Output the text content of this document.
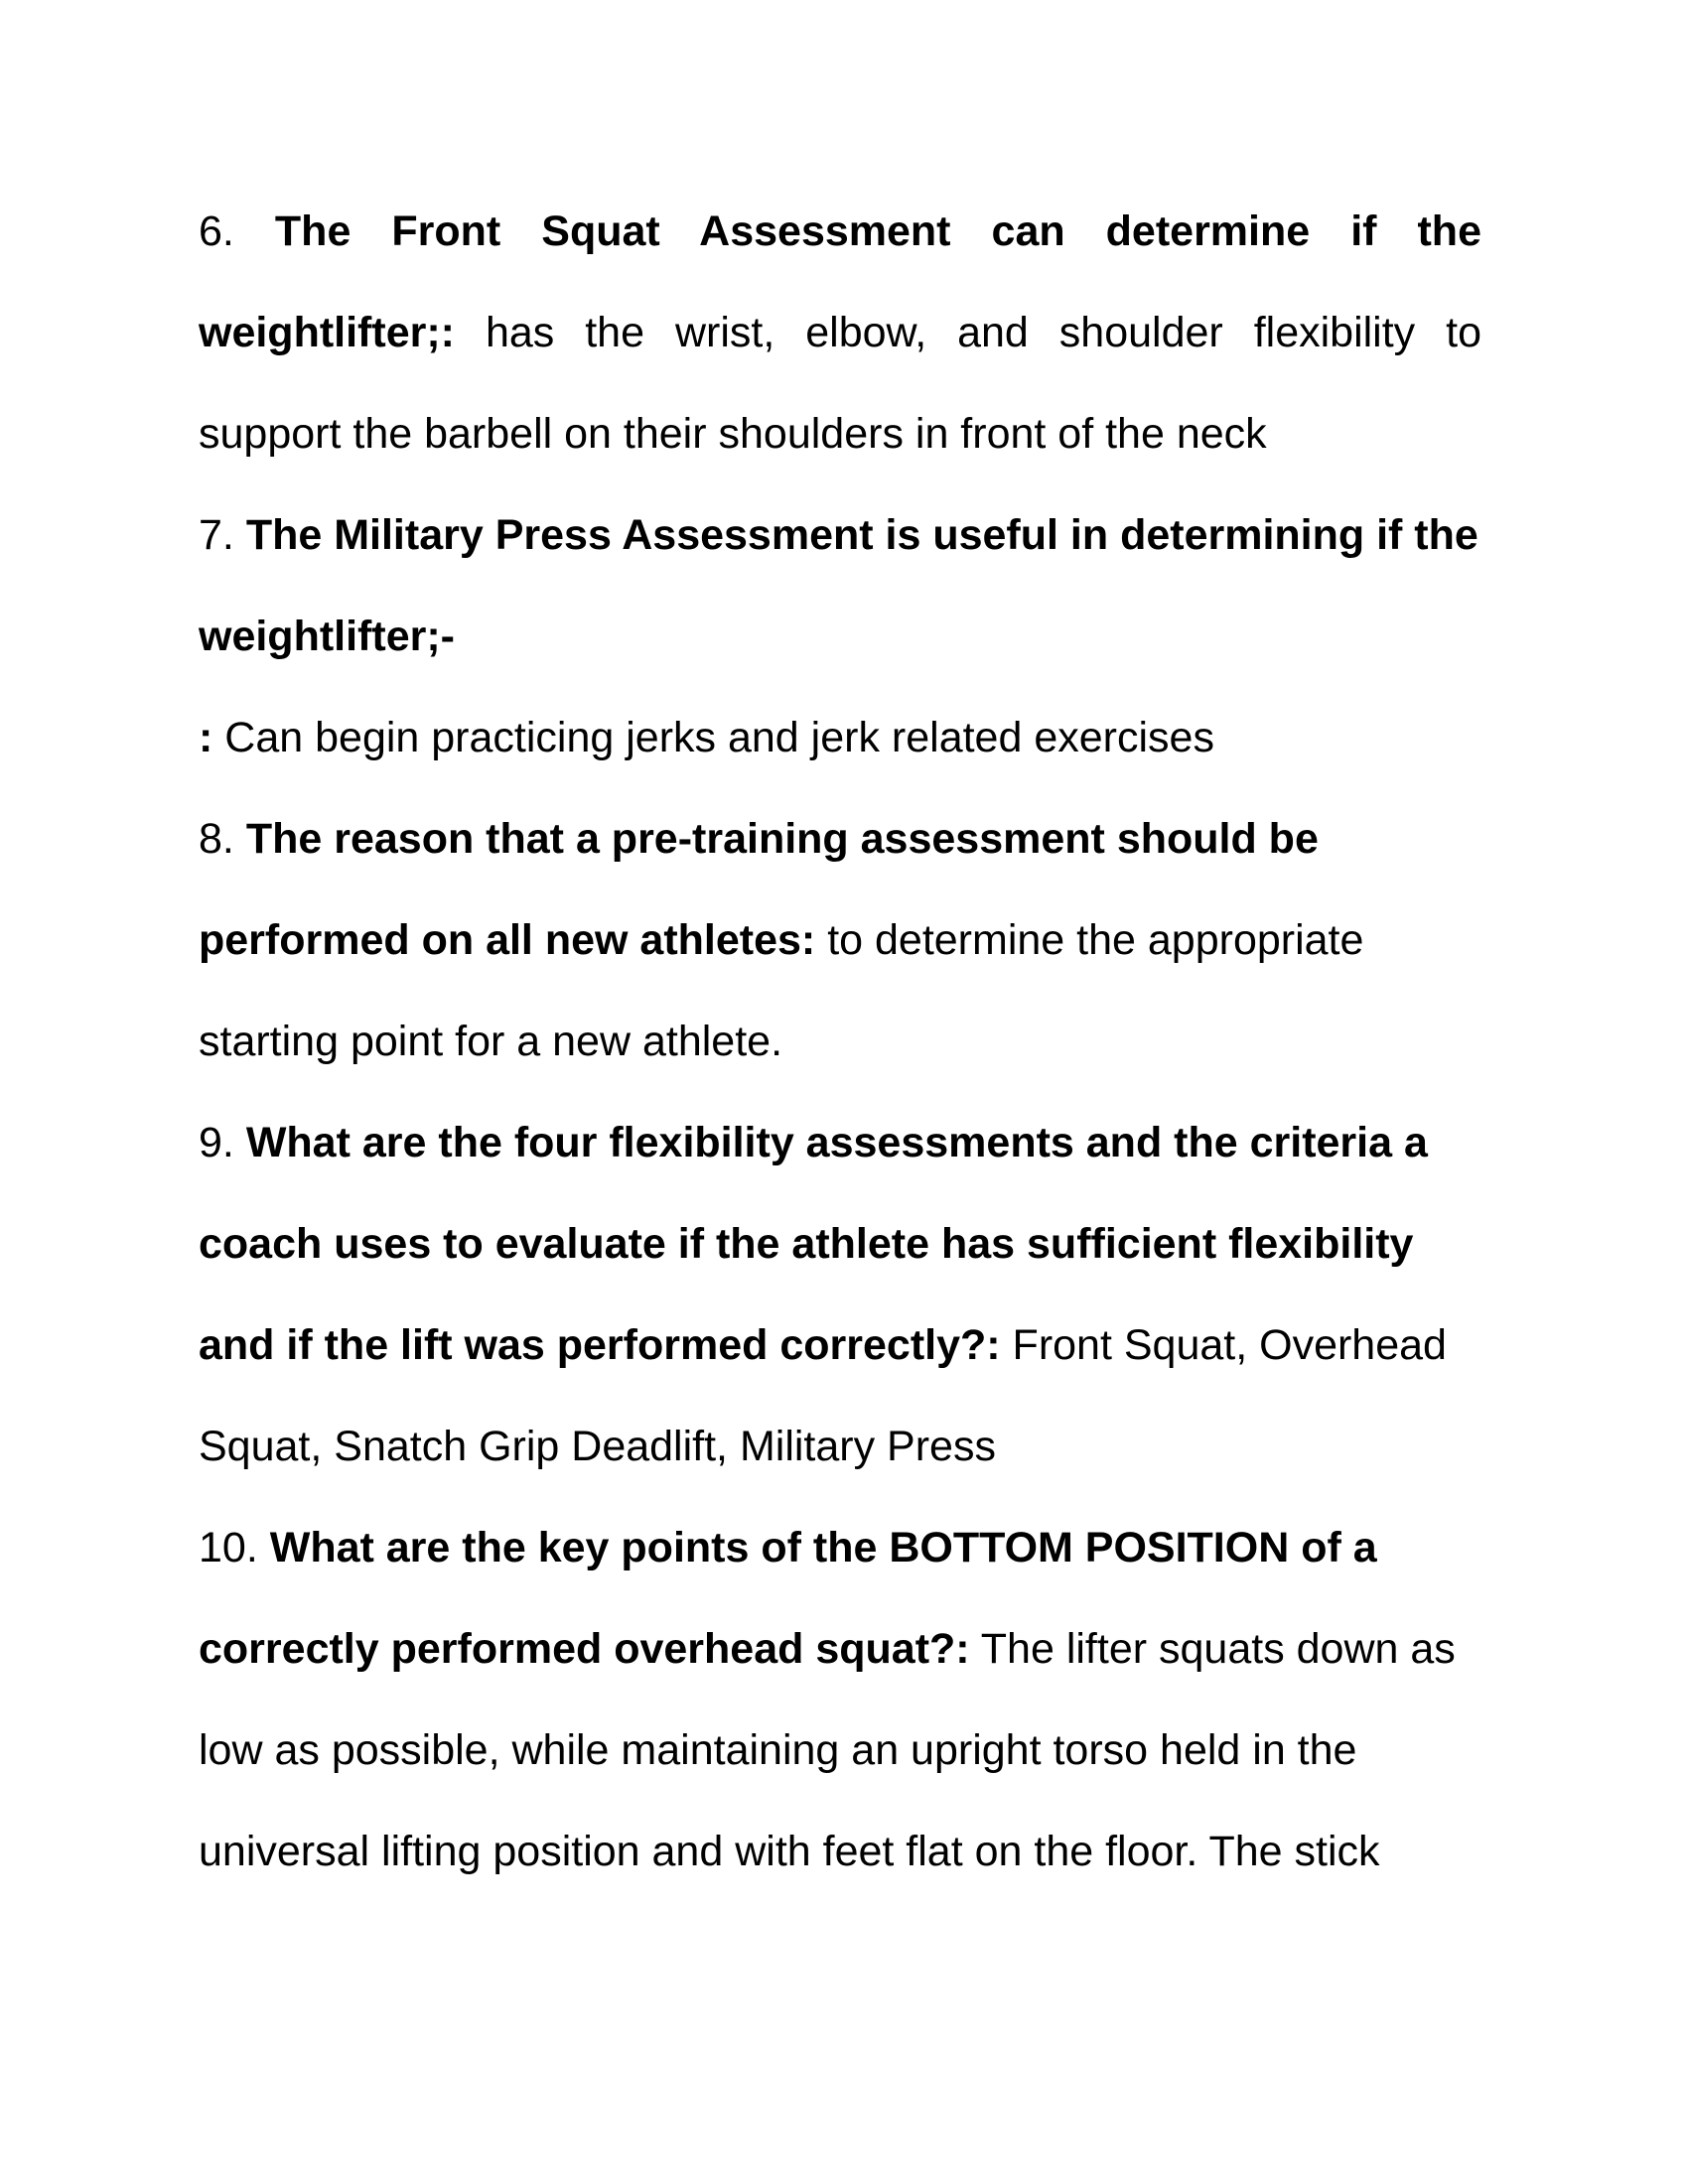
6. The Front Squat Assessment can determine if the weightlifter;: has the wrist, elbow, and shoulder flexibility to support the barbell on their shoulders in front of the neck

7. The Military Press Assessment is useful in determining if the weightlifter;-
: Can begin practicing jerks and jerk related exercises

8. The reason that a pre-training assessment should be performed on all new athletes: to determine the appropriate starting point for a new athlete.

9. What are the four flexibility assessments and the criteria a coach uses to evaluate if the athlete has sufficient flexibility and if the lift was performed correctly?: Front Squat, Overhead Squat, Snatch Grip Deadlift, Military Press

10. What are the key points of the BOTTOM POSITION of a correctly performed overhead squat?: The lifter squats down as low as possible, while maintaining an upright torso held in the universal lifting position and with feet flat on the floor. The stick
